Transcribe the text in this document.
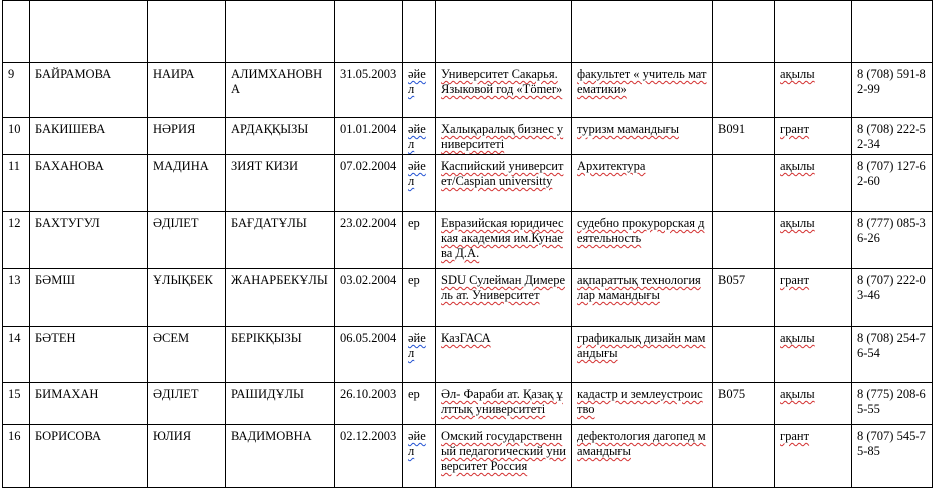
9	БАЙРАМОВА	НАИРА	АЛИМХАНОВНА	31.05.2003	әйел	Университет Сакарья. Языковой год «Tömer»	факультет « учитель математики»		ақылы	8 (708) 591-82-99

10	БАКИШЕВА	НӘРИЯ	АРДАҚҚЫЗЫ	01.01.2004	әйел	Халықаралық бизнес университеті	туризм мамандығы	В091	грант	8 (708) 222-52-34

11	БАХАНОВА	МАДИНА	ЗИЯТ КИЗИ	07.02.2004	әйел	Каспийский университет/Caspian universitty	Архитектура		ақылы	8 (707) 127-62-60

12	БАХТУГУЛ	ӘДІЛЕТ	БАҒДАТҰЛЫ	23.02.2004	ер	Евразийская юридическая академия им.Кунаева Д.А.	судебно прокурорская деятельность		ақылы	8 (777) 085-36-26

13	БӘМШ	ҰЛЫҚБЕК	ЖАНАРБЕКҰЛЫ	03.02.2004	ер	SDU Сулейман Димерель ат. Университет	ақпараттық технологиялар мамандығы	В057	грант	8 (707) 222-03-46

14	БӘТЕН	ӘСЕМ	БЕРІКҚЫЗЫ	06.05.2004	әйел	КазГАСА	графикалық дизайн мамандығы		ақылы	8 (708) 254-76-54

15	БИМАХАН	ӘДІЛЕТ	РАШИДҰЛЫ	26.10.2003	ер	Әл- Фараби ат. Қазақ ұлттық университеті	кадастр и землеустроиство	В075	ақылы	8 (775) 208-65-55

16	БОРИСОВА	ЮЛИЯ	ВАДИМОВНА	02.12.2003	әйел	Омский государственный педагогический университет Россия	дефектология дагопед мамандығы		грант	8 (707) 545-75-85
